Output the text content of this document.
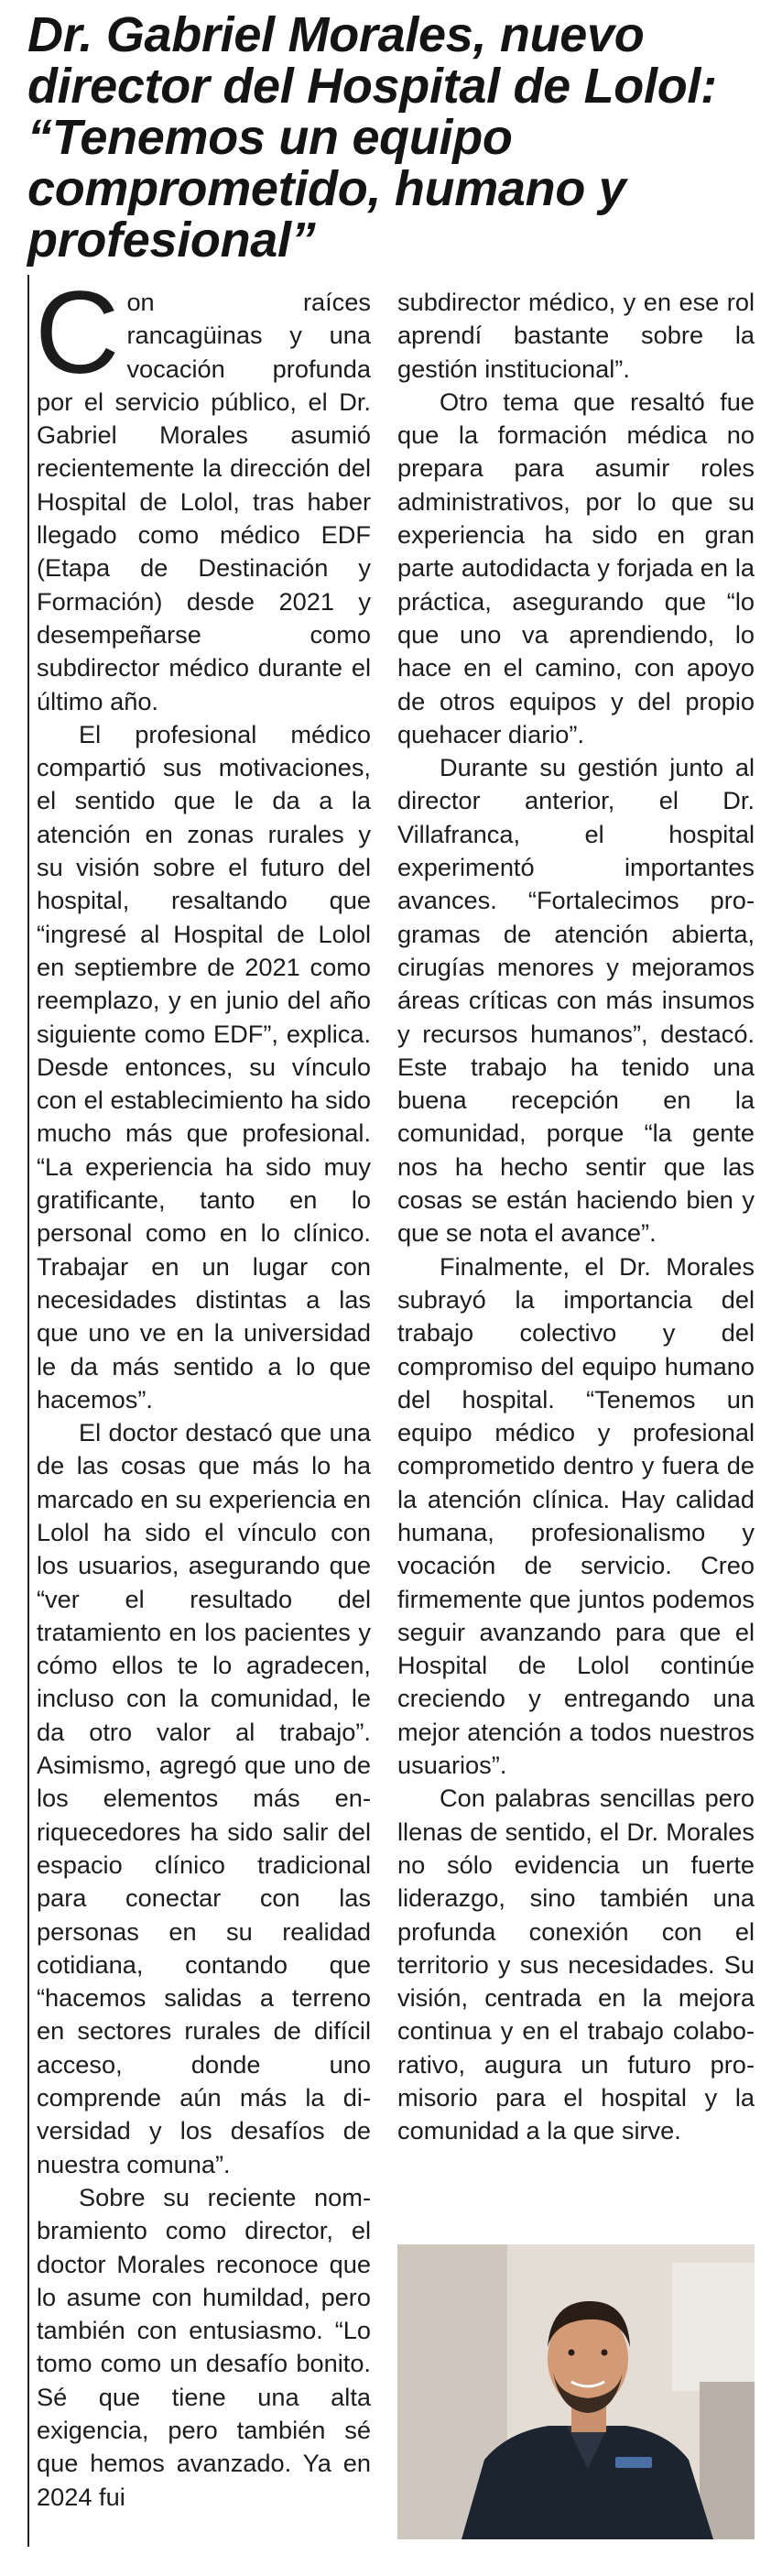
Dr. Gabriel Morales, nuevo director del Hospital de Lolol: “Tenemos un equipo comprometido, humano y profesional”

Con raíces rancagüinas y una vocación profunda por el servicio público, el Dr. Gabriel Morales asumió recientemente la dirección del Hospital de Lolol, tras haber llegado como médico EDF (Etapa de Destinación y Formación) desde 2021 y desempeñarse como subdirector médico durante el último año.

El profesional médico compartió sus motivaciones, el sentido que le da a la atención en zonas rurales y su visión sobre el futuro del hospital, resaltando que “ingresé al Hospital de Lolol en septiembre de 2021 como reemplazo, y en junio del año siguiente como EDF”, explica. Desde entonces, su vínculo con el establecimiento ha sido mucho más que profesional. “La experiencia ha sido muy gratificante, tanto en lo personal como en lo clínico. Trabajar en un lugar con necesidades distintas a las que uno ve en la universidad le da más sentido a lo que hacemos”.

El doctor destacó que una de las cosas que más lo ha marcado en su experiencia en Lolol ha sido el vínculo con los usuarios, asegurando que “ver el resultado del tratamiento en los pacientes y cómo ellos te lo agradecen, incluso con la comunidad, le da otro valor al trabajo”. Asimismo, agregó que uno de los elementos más enriquecedores ha sido salir del espacio clínico tradicional para conectar con las personas en su realidad cotidiana, contando que “hacemos salidas a terreno en sectores rurales de difícil acceso, donde uno comprende aún más la diversidad y los desafíos de nuestra comuna”.

Sobre su reciente nombramiento como director, el doctor Morales reconoce que lo asume con humildad, pero también con entusiasmo. “Lo tomo como un desafío bonito. Sé que tiene una alta exigencia, pero también sé que hemos avanzado. Ya en 2024 fui

subdirector médico, y en ese rol aprendí bastante sobre la gestión institucional”.

Otro tema que resaltó fue que la formación médica no prepara para asumir roles administrativos, por lo que su experiencia ha sido en gran parte autodidacta y forjada en la práctica, asegurando que “lo que uno va aprendiendo, lo hace en el camino, con apoyo de otros equipos y del propio quehacer diario”.

Durante su gestión junto al director anterior, el Dr. Villafranca, el hospital experimentó importantes avances. “Fortalecimos programas de atención abierta, cirugías menores y mejoramos áreas críticas con más insumos y recursos humanos”, destacó. Este trabajo ha tenido una buena recepción en la comunidad, porque “la gente nos ha hecho sentir que las cosas se están haciendo bien y que se nota el avance”.

Finalmente, el Dr. Morales subrayó la importancia del trabajo colectivo y del compromiso del equipo humano del hospital. “Tenemos un equipo médico y profesional comprometido dentro y fuera de la atención clínica. Hay calidad humana, profesionalismo y vocación de servicio. Creo firmemente que juntos podemos seguir avanzando para que el Hospital de Lolol continúe creciendo y entregando una mejor atención a todos nuestros usuarios”.

Con palabras sencillas pero llenas de sentido, el Dr. Morales no sólo evidencia un fuerte liderazgo, sino también una profunda conexión con el territorio y sus necesidades. Su visión, centrada en la mejora continua y en el trabajo colaborativo, augura un futuro promisorio para el hospital y la comunidad a la que sirve.
